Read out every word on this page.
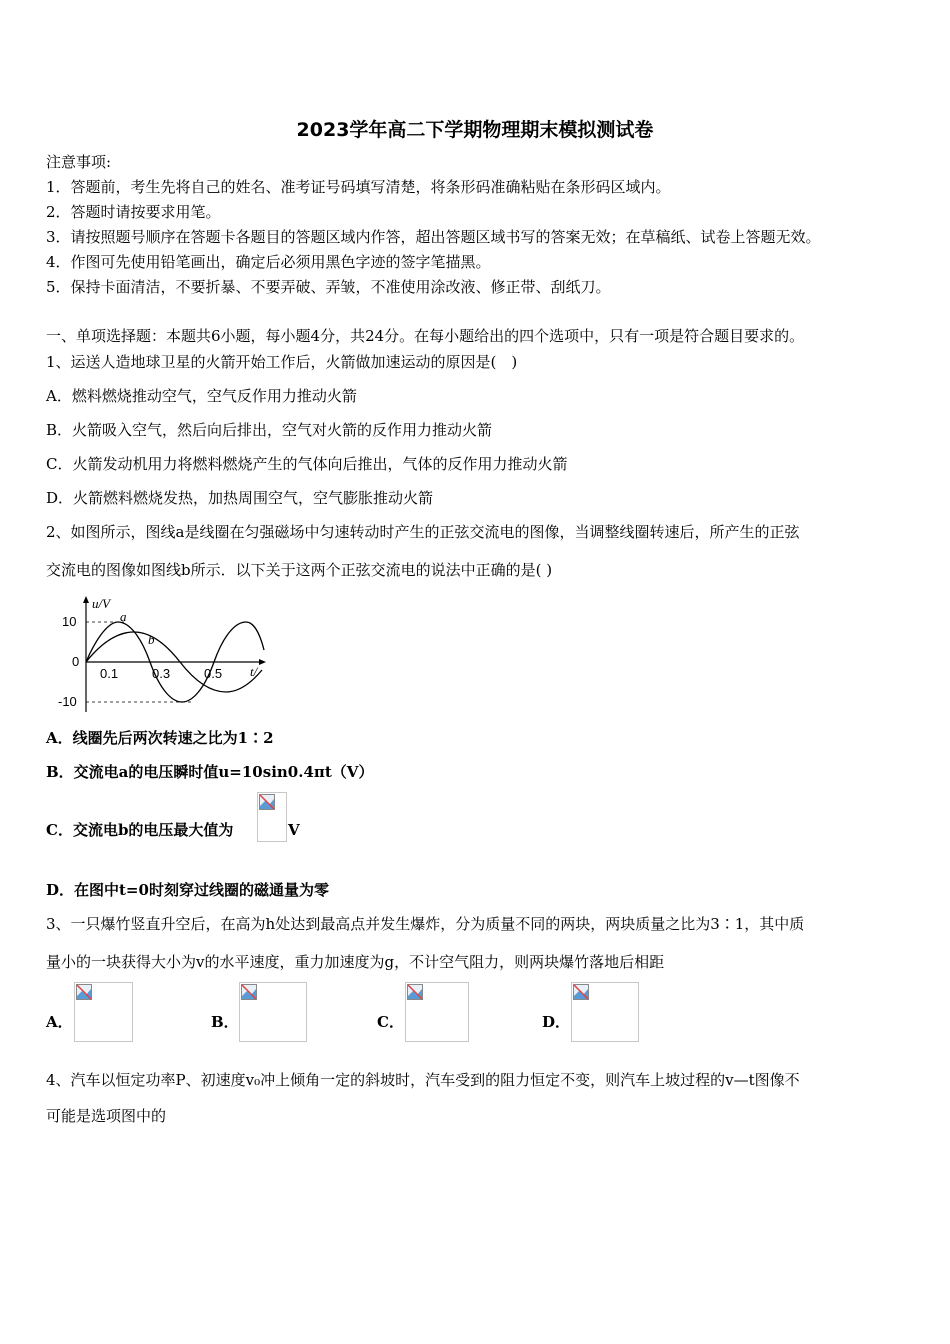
2023学年高二下学期物理期末模拟测试卷
注意事项:
1．答题前，考生先将自己的姓名、准考证号码填写清楚，将条形码准确粘贴在条形码区域内。
2．答题时请按要求用笔。
3．请按照题号顺序在答题卡各题目的答题区域内作答，超出答题区域书写的答案无效；在草稿纸、试卷上答题无效。
4．作图可先使用铅笔画出，确定后必须用黑色字迹的签字笔描黑。
5．保持卡面清洁，不要折暴、不要弄破、弄皱，不准使用涂改液、修正带、刮纸刀。
一、单项选择题：本题共6小题，每小题4分，共24分。在每小题给出的四个选项中，只有一项是符合题目要求的。
1、运送人造地球卫星的火箭开始工作后，火箭做加速运动的原因是(　)
A．燃料燃烧推动空气，空气反作用力推动火箭
B．火箭吸入空气，然后向后排出，空气对火箭的反作用力推动火箭
C．火箭发动机用力将燃料燃烧产生的气体向后推出，气体的反作用力推动火箭
D．火箭燃料燃烧发热，加热周围空气，空气膨胀推动火箭
2、如图所示，图线a是线圈在匀强磁场中匀速转动时产生的正弦交流电的图像，当调整线圈转速后，所产生的正弦
交流电的图像如图线b所示．以下关于这两个正弦交流电的说法中正确的是( )
u/V
a
b
10
0
-10
0.1	0.3	0.5 t/
A．线圈先后两次转速之比为1∶2
B．交流电a的电压瞬时值u=10sin0.4πt（V）
C．交流电b的电压最大值为	V
D．在图中t=0时刻穿过线圈的磁通量为零
3、一只爆竹竖直升空后，在高为h处达到最高点并发生爆炸，分为质量不同的两块，两块质量之比为3∶1，其中质
量小的一块获得大小为v的水平速度，重力加速度为g，不计空气阻力，则两块爆竹落地后相距
A．	B．	C．	D．
4、汽车以恒定功率P、初速度v₀冲上倾角一定的斜坡时，汽车受到的阻力恒定不变，则汽车上坡过程的v—t图像不
可能是选项图中的
